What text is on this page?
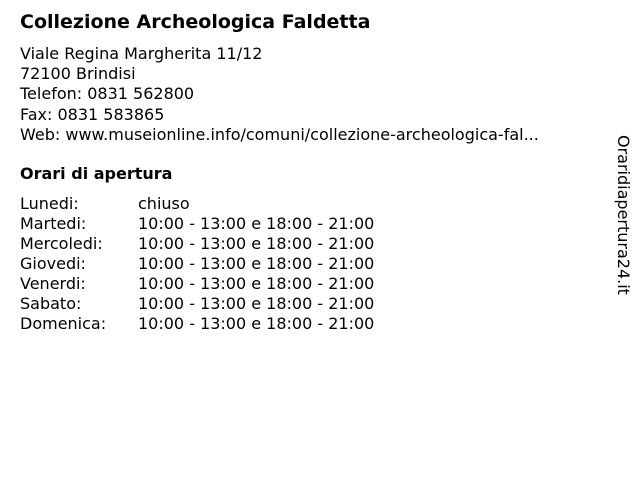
Collezione Archeologica Faldetta
Viale Regina Margherita 11/12
72100 Brindisi
Telefon: 0831 562800
Fax: 0831 583865
Web: www.museionline.info/comuni/collezione-archeologica-fal...
Orari di apertura
Lunedi:	chiuso
Martedi:	10:00 - 13:00 e 18:00 - 21:00
Mercoledi:	10:00 - 13:00 e 18:00 - 21:00
Giovedi:	10:00 - 13:00 e 18:00 - 21:00
Venerdi:	10:00 - 13:00 e 18:00 - 21:00
Sabato:	10:00 - 13:00 e 18:00 - 21:00
Domenica:	10:00 - 13:00 e 18:00 - 21:00
Oraridiapertura24.it
